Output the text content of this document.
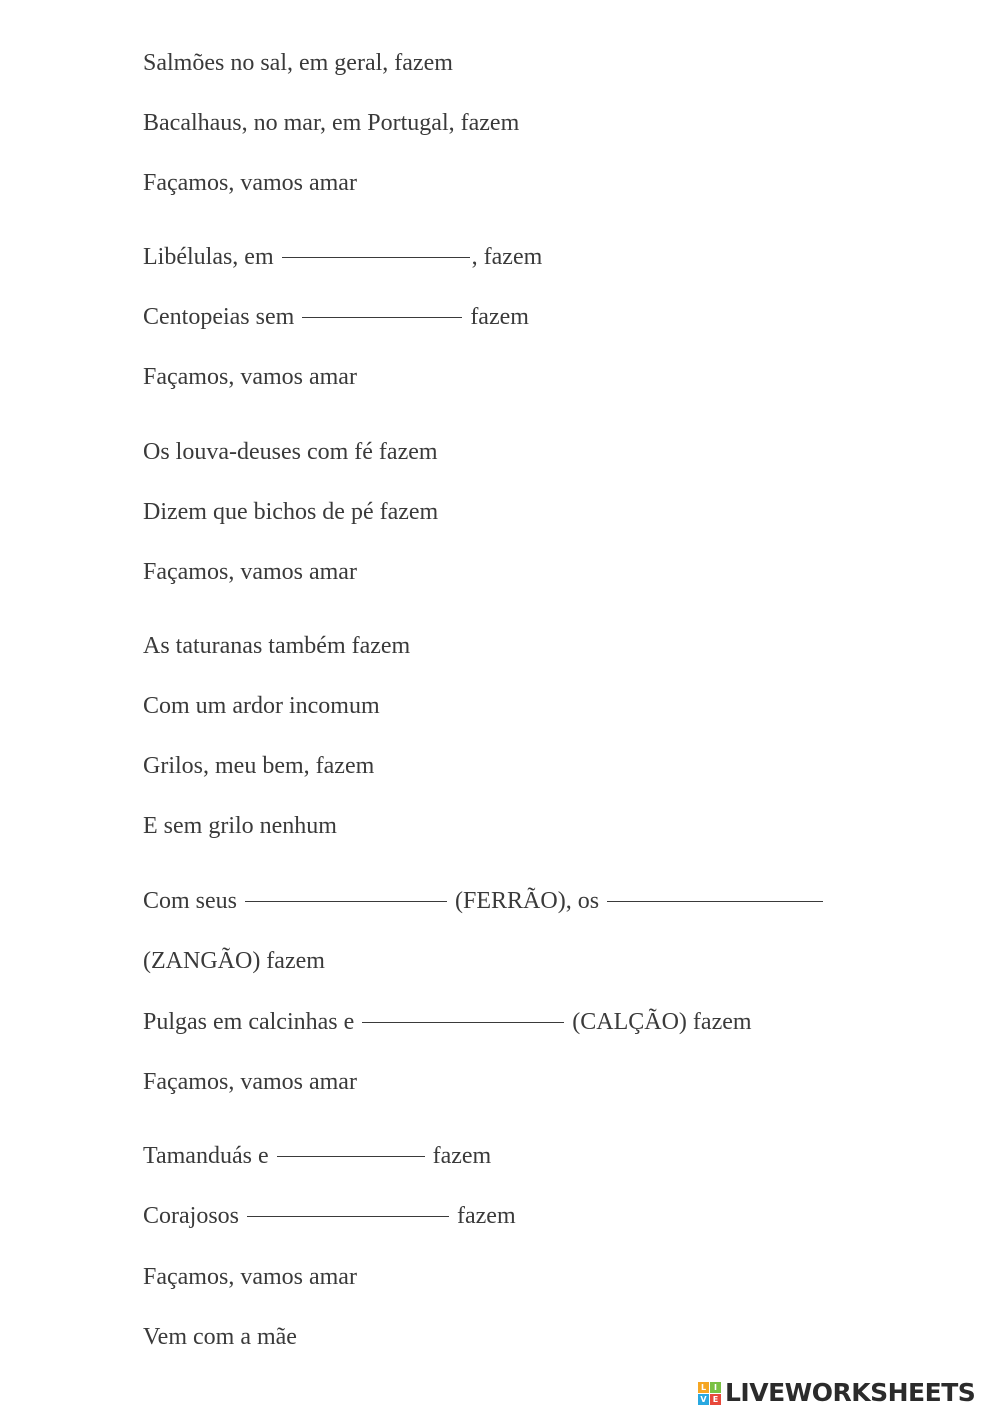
Salmões no sal, em geral, fazem

Bacalhaus, no mar, em Portugal, fazem

Façamos, vamos amar

Libélulas, em	, fazem

Centopeias sem	fazem

Façamos, vamos amar

Os louva-deuses com fé fazem

Dizem que bichos de pé fazem

Façamos, vamos amar

As taturanas também fazem

Com um ardor incomum

Grilos, meu bem, fazem

E sem grilo nenhum

Com seus	(FERRÃO), os

(ZANGÃO) fazem

Pulgas em calcinhas e	(CALÇÃO) fazem

Façamos, vamos amar

Tamanduás e	fazem

Corajosos	fazem

Façamos, vamos amar

Vem com a mãe

L I
V E LIVEWORKSHEETS
